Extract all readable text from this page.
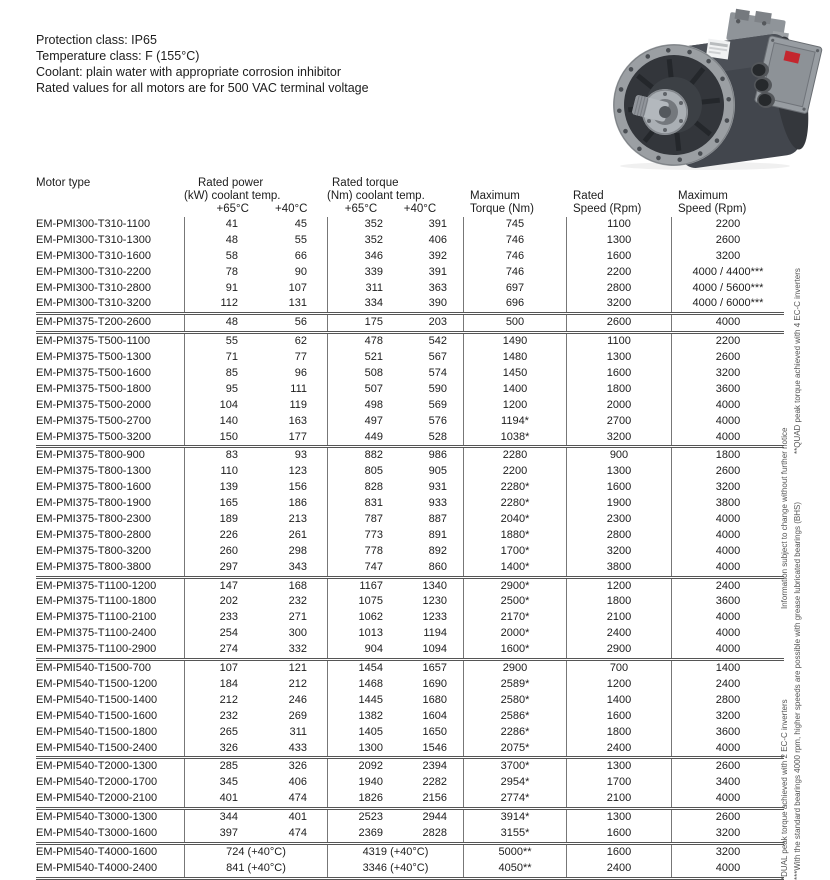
Protection class: IP65
Temperature class: F (155°C)
Coolant: plain water with appropriate corrosion inhibitor
Rated values for all motors are for 500 VAC terminal voltage
Motor type	Rated power
(kW) coolant temp.
+65°C	+40°C
Rated torque
(Nm) coolant temp.
+65°C	+40°C
Maximum
Torque (Nm)
Rated
Speed (Rpm)
Maximum
Speed (Rpm)
EM-PMI300-T310-1100	41	45	352	391	745	1100	2200
EM-PMI300-T310-1300	48	55	352	406	746	1300	2600
EM-PMI300-T310-1600	58	66	346	392	746	1600	3200
EM-PMI300-T310-2200	78	90	339	391	746	2200	4000 / 4400***
EM-PMI300-T310-2800	91	107	311	363	697	2800	4000 / 5600***
EM-PMI300-T310-3200	112	131	334	390	696	3200	4000 / 6000***
EM-PMI375-T200-2600	48	56	175	203	500	2600	4000
EM-PMI375-T500-1100	55	62	478	542	1490	1100	2200
EM-PMI375-T500-1300	71	77	521	567	1480	1300	2600
EM-PMI375-T500-1600	85	96	508	574	1450	1600	3200
EM-PMI375-T500-1800	95	111	507	590	1400	1800	3600
EM-PMI375-T500-2000	104	119	498	569	1200	2000	4000
EM-PMI375-T500-2700	140	163	497	576	1194*	2700	4000
EM-PMI375-T500-3200	150	177	449	528	1038*	3200	4000
EM-PMI375-T800-900	83	93	882	986	2280	900	1800
EM-PMI375-T800-1300	110	123	805	905	2200	1300	2600
EM-PMI375-T800-1600	139	156	828	931	2280*	1600	3200
EM-PMI375-T800-1900	165	186	831	933	2280*	1900	3800
EM-PMI375-T800-2300	189	213	787	887	2040*	2300	4000
EM-PMI375-T800-2800	226	261	773	891	1880*	2800	4000
EM-PMI375-T800-3200	260	298	778	892	1700*	3200	4000
EM-PMI375-T800-3800	297	343	747	860	1400*	3800	4000
EM-PMI375-T1100-1200	147	168	1167	1340	2900*	1200	2400
EM-PMI375-T1100-1800	202	232	1075	1230	2500*	1800	3600
EM-PMI375-T1100-2100	233	271	1062	1233	2170*	2100	4000
EM-PMI375-T1100-2400	254	300	1013	1194	2000*	2400	4000
EM-PMI375-T1100-2900	274	332	904	1094	1600*	2900	4000
EM-PMI540-T1500-700	107	121	1454	1657	2900	700	1400
EM-PMI540-T1500-1200	184	212	1468	1690	2589*	1200	2400
EM-PMI540-T1500-1400	212	246	1445	1680	2580*	1400	2800
EM-PMI540-T1500-1600	232	269	1382	1604	2586*	1600	3200
EM-PMI540-T1500-1800	265	311	1405	1650	2286*	1800	3600
EM-PMI540-T1500-2400	326	433	1300	1546	2075*	2400	4000
EM-PMI540-T2000-1300	285	326	2092	2394	3700*	1300	2600
EM-PMI540-T2000-1700	345	406	1940	2282	2954*	1700	3400
EM-PMI540-T2000-2100	401	474	1826	2156	2774*	2100	4000
EM-PMI540-T3000-1300	344	401	2523	2944	3914*	1300	2600
EM-PMI540-T3000-1600	397	474	2369	2828	3155*	1600	3200
EM-PMI540-T4000-1600	724 (+40°C)	4319 (+40°C)	5000**	1600	3200
EM-PMI540-T4000-2400	841 (+40°C)	3346 (+40°C)	4050**	2400	4000	***With the standard bearings 4000 rpm, higher speeds are possible with grease lubricated bearings (BHS)
**QUAD peak torque achieved with 4 EC-C inverters
*DUAL peak torque achieved with 2 EC-C inverters
Information subject to change without further notice
